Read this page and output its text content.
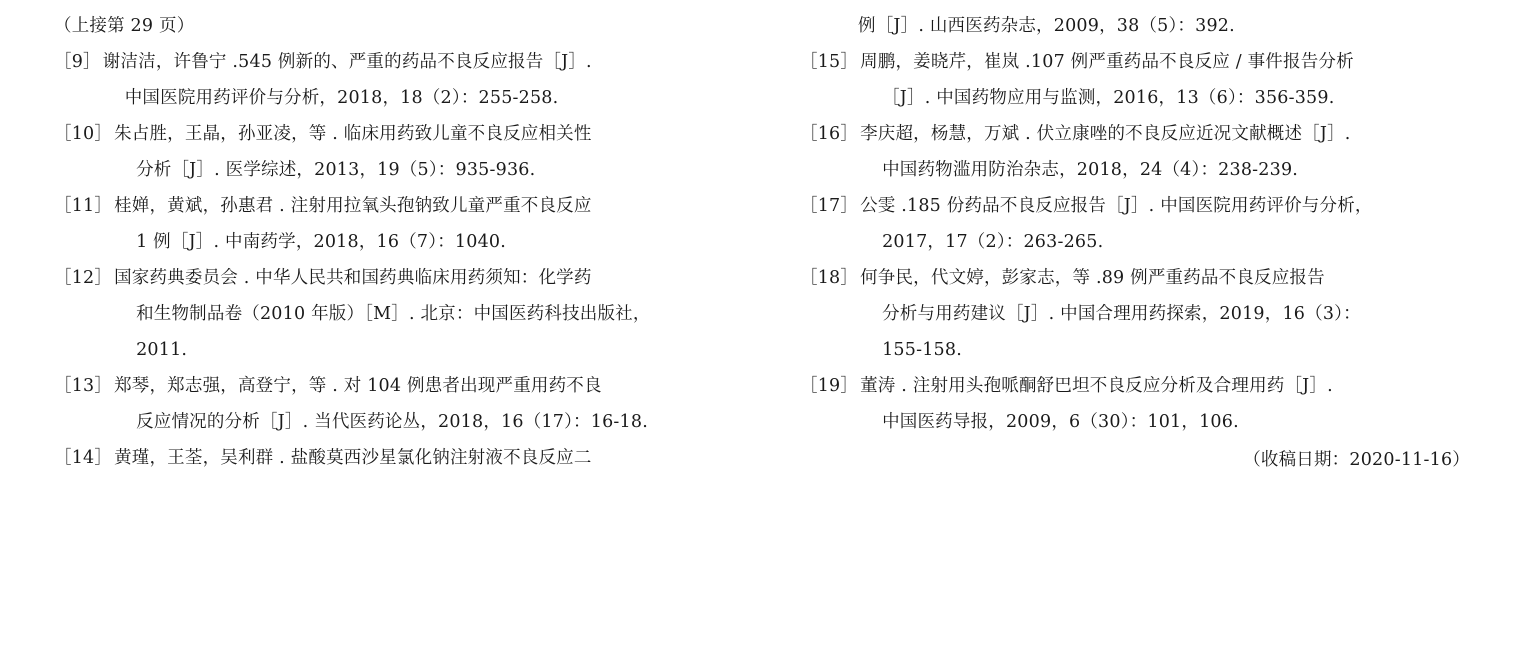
（上接第 29 页）
［9］ 谢洁洁，许鲁宁 .545 例新的、严重的药品不良反应报告［J］.
中国医院用药评价与分析，2018，18（2）：255-258.
［10］ 朱占胜，王晶，孙亚凌，等 . 临床用药致儿童不良反应相关性
分析［J］. 医学综述，2013，19（5）：935-936.
［11］ 桂婵，黄斌，孙惠君 . 注射用拉氧头孢钠致儿童严重不良反应
1 例［J］. 中南药学，2018，16（7）：1040.
［12］ 国家药典委员会 . 中华人民共和国药典临床用药须知：化学药
和生物制品卷（2010 年版）［M］. 北京：中国医药科技出版社，
2011.
［13］ 郑琴，郑志强，高登宁，等 . 对 104 例患者出现严重用药不良
反应情况的分析［J］. 当代医药论丛，2018，16（17）：16-18.
［14］ 黄瑾，王荃，吴利群 . 盐酸莫西沙星氯化钠注射液不良反应二
例［J］. 山西医药杂志，2009，38（5）：392.
［15］ 周鹏，姜晓芹，崔岚 .107 例严重药品不良反应 / 事件报告分析
［J］. 中国药物应用与监测，2016，13（6）：356-359.
［16］ 李庆超，杨慧，万斌 . 伏立康唑的不良反应近况文献概述［J］.
中国药物滥用防治杂志，2018，24（4）：238-239.
［17］ 公雯 .185 份药品不良反应报告［J］. 中国医院用药评价与分析，
2017，17（2）：263-265.
［18］ 何争民，代文婷，彭家志，等 .89 例严重药品不良反应报告
分析与用药建议［J］. 中国合理用药探索，2019，16（3）：
155-158.
［19］ 董涛 . 注射用头孢哌酮舒巴坦不良反应分析及合理用药［J］.
中国医药导报，2009，6（30）：101，106.
（收稿日期：2020-11-16）
